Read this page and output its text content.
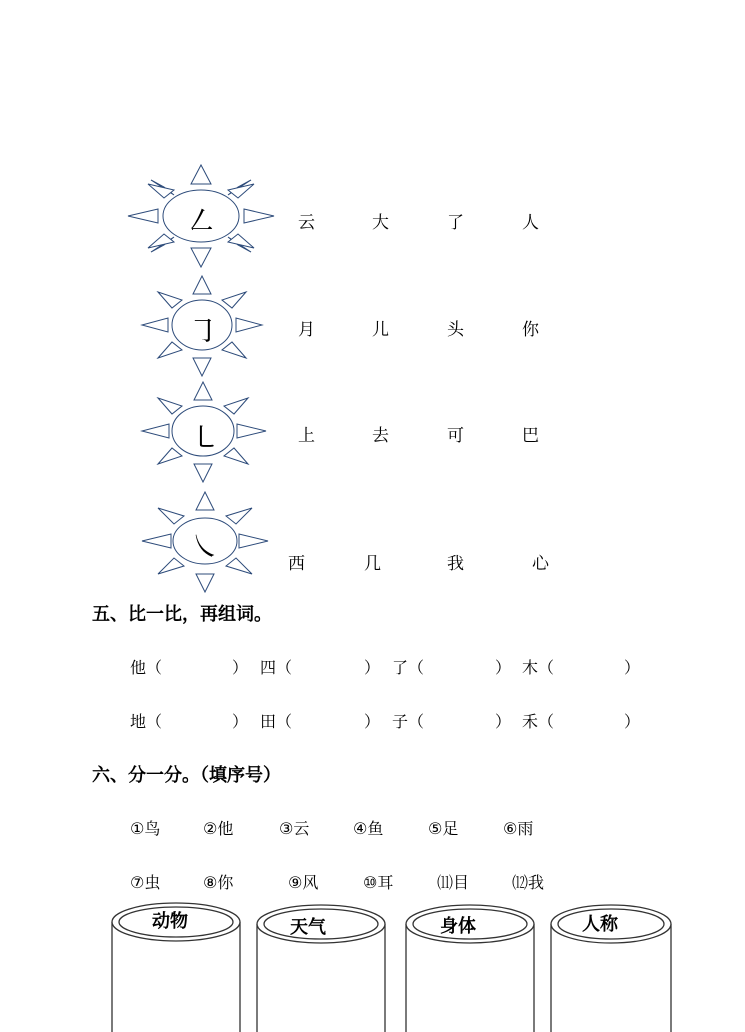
㇜	云	大	了	人
㇆	月	儿	头	你
㇄	上	去	可	巴
㇏	西	几	我	心
五、比一比，再组词。
他（	） 四（	） 了（	） 木（	）
地（	） 田（	） 子（	） 禾（	）
六、分一分。（填序号）
①鸟	②他	③云	④鱼	⑤足	⑥雨
⑦虫	⑧你	⑨风	⑩耳	⑾目	⑿我
动物	天气	身体	人称
